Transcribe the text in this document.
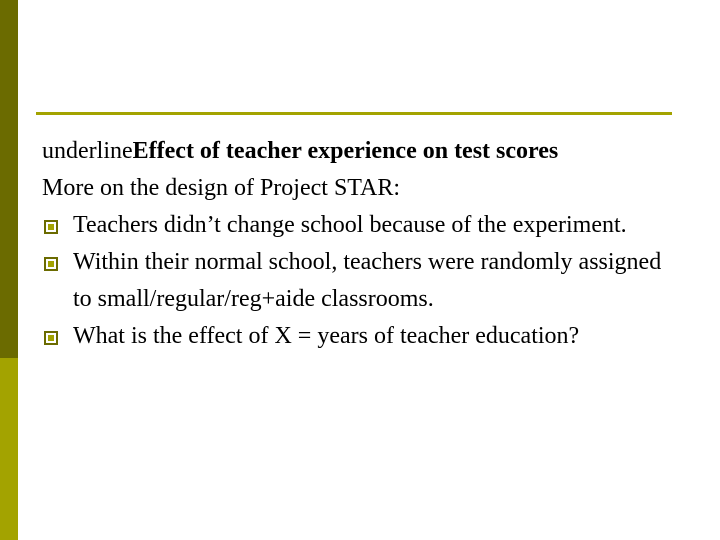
underlineEffect of teacher experience on test scores
More on the design of Project STAR:
Teachers didn’t change school because of the experiment.
Within their normal school, teachers were randomly assigned to small/regular/reg+aide classrooms.
What is the effect of X = years of teacher education?
